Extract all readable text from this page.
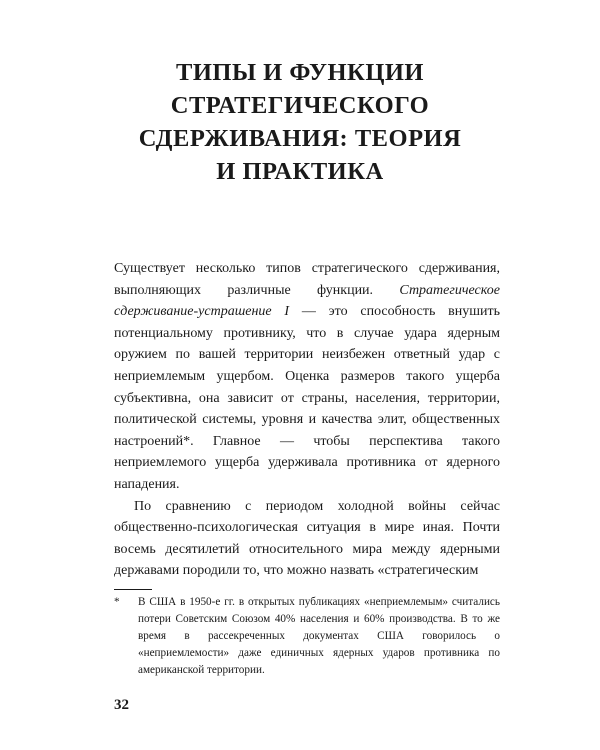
ТИПЫ И ФУНКЦИИ
СТРАТЕГИЧЕСКОГО
СДЕРЖИВАНИЯ: ТЕОРИЯ
И ПРАКТИКА

Существует несколько типов стратегического сдерживания, выполняющих различные функции. Стратегическое сдерживание-устрашение I — это способность внушить потенциальному противнику, что в случае удара ядерным оружием по вашей территории неизбежен ответный удар с неприемлемым ущербом. Оценка размеров такого ущерба субъективна, она зависит от страны, населения, территории, политической системы, уровня и качества элит, общественных настроений*. Главное — чтобы перспектива такого неприемлемого ущерба удерживала противника от ядерного нападения.

По сравнению с периодом холодной войны сейчас общественно-психологическая ситуация в мире иная. Почти восемь десятилетий относительного мира между ядерными державами породили то, что можно назвать «стратегическим

*	В США в 1950-е гг. в открытых публикациях «неприемлемым» считались потери Советским Союзом 40% населения и 60% производства. В то же время в рассекреченных документах США говорилось о «неприемлемости» даже единичных ядерных ударов противника по американской территории.
32
